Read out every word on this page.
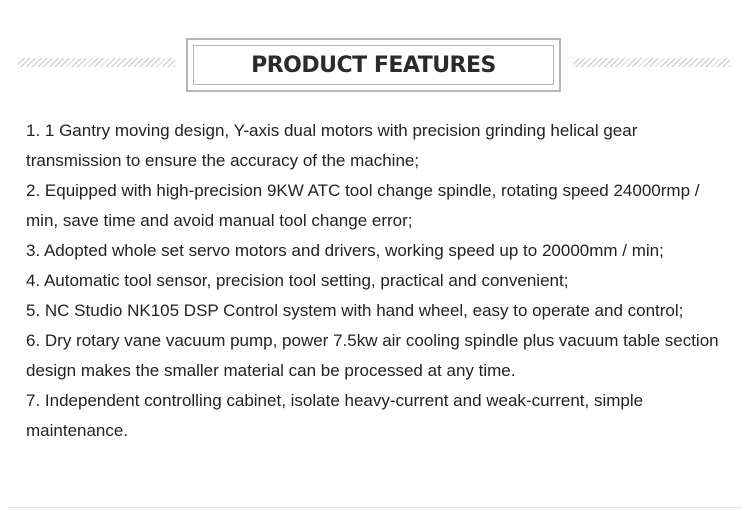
PRODUCT FEATURES
1. 1 Gantry moving design, Y-axis dual motors with precision grinding helical gear transmission to ensure the accuracy of the machine;
2. Equipped with high-precision 9KW ATC tool change spindle, rotating speed 24000rmp / min, save time and avoid manual tool change error;
3. Adopted whole set servo motors and drivers, working speed up to 20000mm / min;
4. Automatic tool sensor, precision tool setting, practical and convenient;
5. NC Studio NK105 DSP Control system with hand wheel, easy to operate and control;
6. Dry rotary vane vacuum pump, power 7.5kw air cooling spindle plus vacuum table section design makes the smaller material can be processed at any time.
7. Independent controlling cabinet, isolate heavy-current and weak-current, simple maintenance.
